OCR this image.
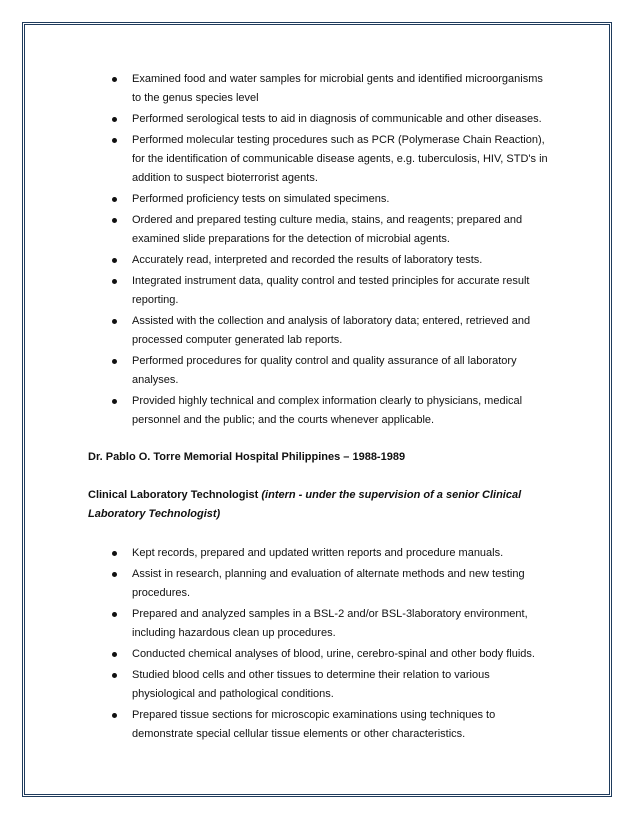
Examined food and water samples for microbial gents and identified microorganisms to the genus species level
Performed serological tests to aid in diagnosis of communicable and other diseases.
Performed molecular testing procedures such as PCR (Polymerase Chain Reaction), for the identification of communicable disease agents, e.g. tuberculosis, HIV, STD's in addition to suspect bioterrorist agents.
Performed proficiency tests on simulated specimens.
Ordered and prepared testing culture media, stains, and reagents; prepared and examined slide preparations for the detection of microbial agents.
Accurately read, interpreted and recorded the results of laboratory tests.
Integrated instrument data, quality control and tested principles for accurate result reporting.
Assisted with the collection and analysis of laboratory data; entered, retrieved and processed computer generated lab reports.
Performed procedures for quality control and quality assurance of all laboratory analyses.
Provided highly technical and complex information clearly to physicians, medical personnel and the public; and the courts whenever applicable.
Dr. Pablo O. Torre Memorial Hospital Philippines – 1988-1989
Clinical Laboratory Technologist (intern - under the supervision of a senior Clinical Laboratory Technologist)
Kept records, prepared and updated written reports and procedure manuals.
Assist in research, planning and evaluation of alternate methods and new testing procedures.
Prepared and analyzed samples in a BSL-2 and/or BSL-3laboratory environment, including hazardous clean up procedures.
Conducted chemical analyses of blood, urine, cerebro-spinal and other body fluids.
Studied blood cells and other tissues to determine their relation to various physiological and pathological conditions.
Prepared tissue sections for microscopic examinations using techniques to demonstrate special cellular tissue elements or other characteristics.
